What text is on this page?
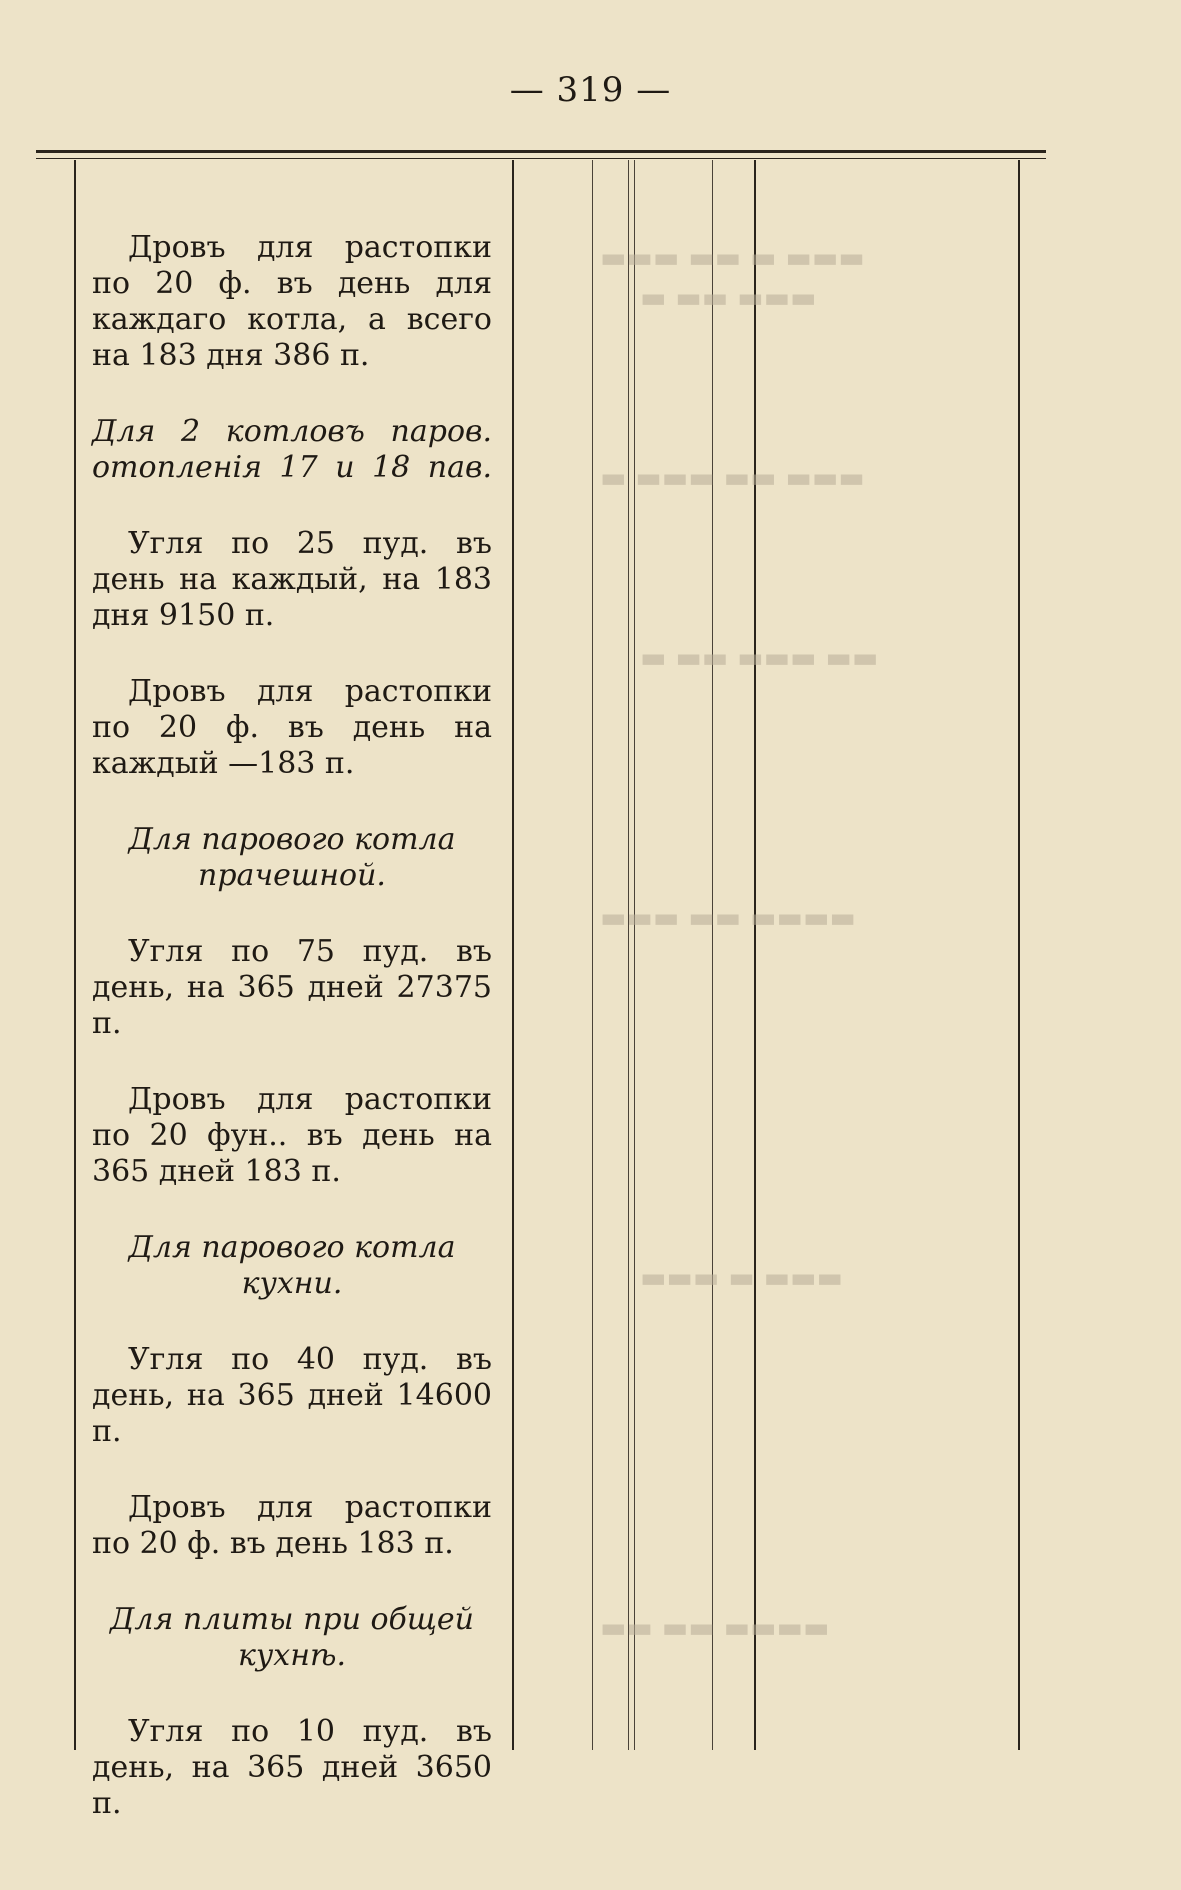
— 319 —
▬▬▬ ▬ ▬▬ ▬▬▬
▬▬▬ ▬▬ ▬
▬▬▬ ▬▬ ▬▬▬ ▬
▬▬ ▬▬▬ ▬▬ ▬
▬▬▬▬ ▬▬ ▬▬▬
▬▬▬ ▬ ▬▬▬
▬▬▬▬ ▬▬ ▬▬

Дровъ для растопки по 20 ф. въ день для каждаго котла, а всего на 183 дня 386 п.

Для 2 котловъ паров. отопленія 17 и 18 пав.

Угля по 25 пуд. въ день на каждый, на 183 дня 9150 п.

Дровъ для растопки по 20 ф. въ день на каждый —183 п.

Для парового котла прачешной.

Угля по 75 пуд. въ день, на 365 дней 27375 п.

Дровъ для растопки по 20 фун.. въ день на 365 дней 183 п.

Для парового котла кухни.

Угля по 40 пуд. въ день, на 365 дней 14600 п.

Дровъ для растопки по 20 ф. въ день 183 п.

Для плиты при общей кухнѣ.

Угля по 10 пуд. въ день, на 365 дней 3650 п.
